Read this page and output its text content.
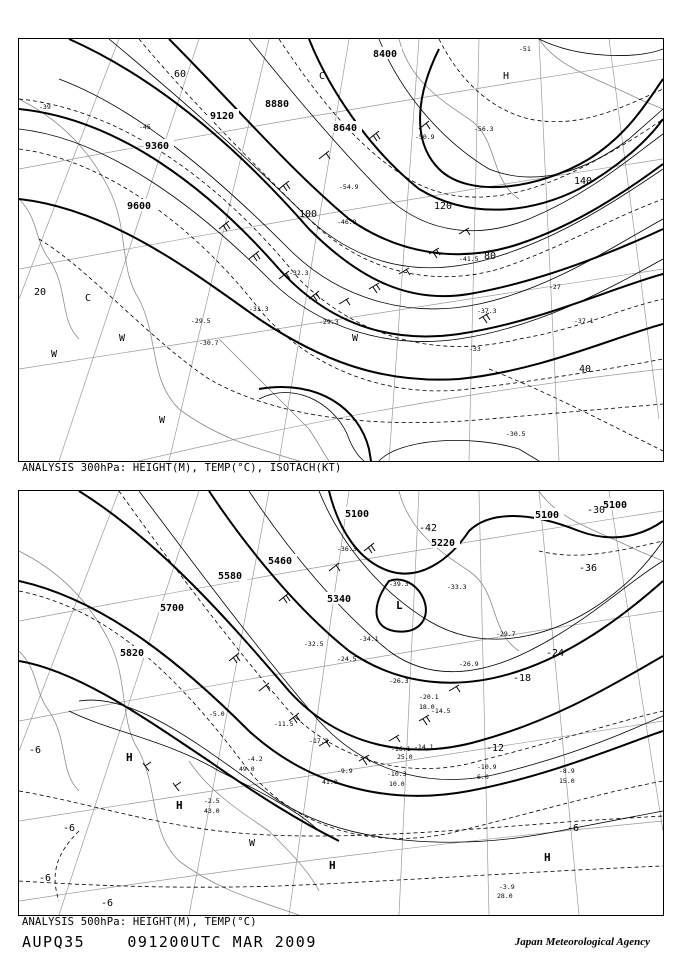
8400
8640
8880
9120
9360
9600
20
40
60
80
100
120
140
H
C
C
W
W
W
W
-30.7
-29.5
-31.3
-32.3
-29.3
-37.3
-37.1
-30.5
-41.5
-46.8
-50.9
-54.9
-56.3
-39
-45
-51
-33
-27
ANALYSIS 300hPa: HEIGHT(M), TEMP(°C), ISOTACH(KT)
5100	5100
5100
5220
5340
5460
5580
5700
5820
-30
-36
-24
-18
-12
-6
-6
-6
-6
-6
-42
L
H
H
H
H
W
-39.3
-34.1
-26.3
-20.1
-16.1
-10.3
-9.9	-8.9
-3.9
-2.5
-4.2
-5.0
-11.5
-14.1
-17.3
-24.5
-32.5
-36.3
-33.3
-29.7
-26.9
-14.5
-10.9
28.0
41.0
49.0
43.0
15.0
6.0
10.0
25.0
18.0
ANALYSIS 500hPa: HEIGHT(M), TEMP(°C)
AUPQ35	091200UTC MAR 2009	Japan Meteorological Agency
